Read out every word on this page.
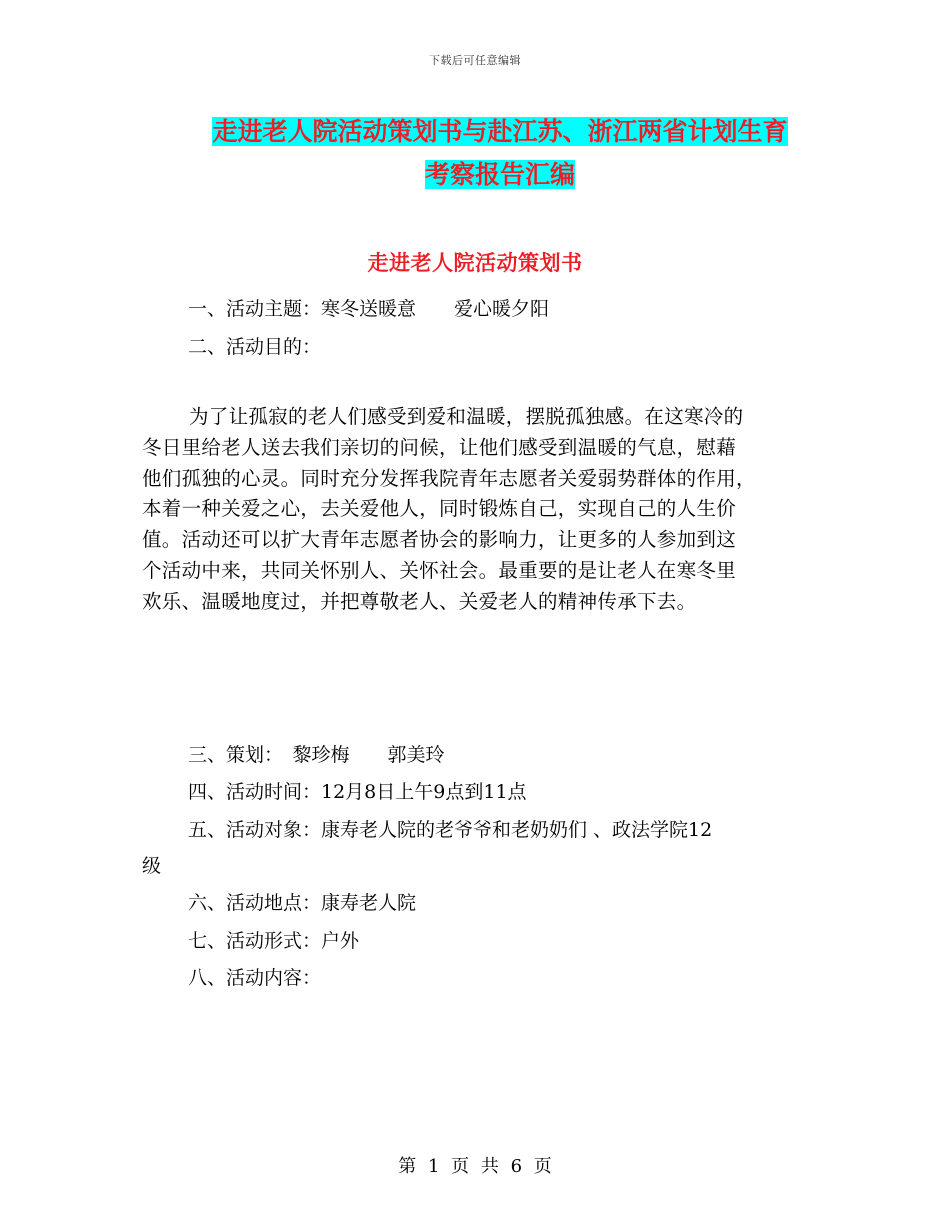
下载后可任意编辑
走进老人院活动策划书与赴江苏、浙江两省计划生育
考察报告汇编
走进老人院活动策划书
一、活动主题：寒冬送暖意　　爱心暖夕阳
二、活动目的：
为了让孤寂的老人们感受到爱和温暖，摆脱孤独感。在这寒冷的
冬日里给老人送去我们亲切的问候，让他们感受到温暖的气息，慰藉
他们孤独的心灵。同时充分发挥我院青年志愿者关爱弱势群体的作用，
本着一种关爱之心，去关爱他人，同时锻炼自己，实现自己的人生价
值。活动还可以扩大青年志愿者协会的影响力，让更多的人参加到这
个活动中来，共同关怀别人、关怀社会。最重要的是让老人在寒冬里
欢乐、温暖地度过，并把尊敬老人、关爱老人的精神传承下去。
三、策划：　黎珍梅　　郭美玲
四、活动时间：12月8日上午9点到11点
五、活动对象：康寿老人院的老爷爷和老奶奶们 、政法学院12
级
六、活动地点：康寿老人院
七、活动形式：户外
八、活动内容：
第 1 页 共 6 页
